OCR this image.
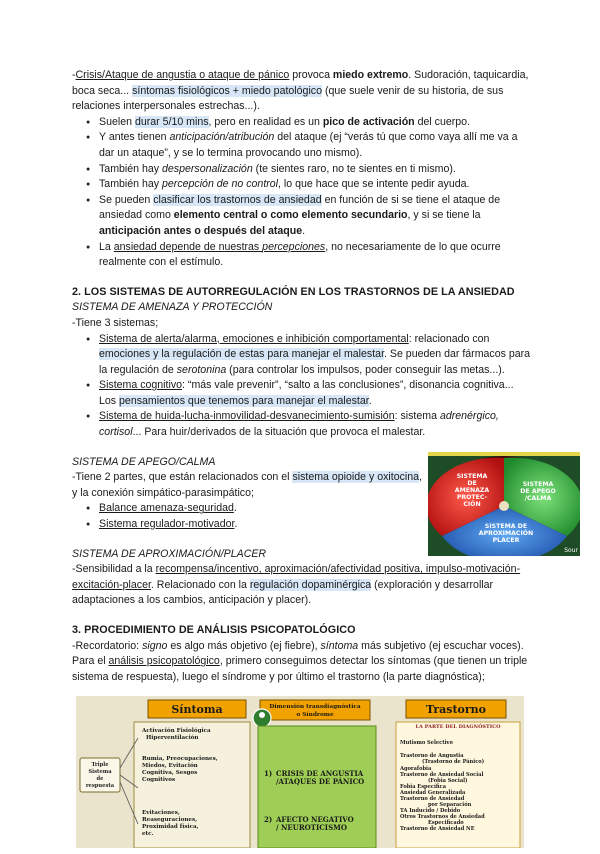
-Crisis/Ataque de angustia o ataque de pánico provoca miedo extremo. Sudoración, taquicardia, boca seca... síntomas fisiológicos + miedo patológico (que suele venir de su historia, de sus relaciones interpersonales estrechas...).

● Suelen durar 5/10 mins, pero en realidad es un pico de activación del cuerpo.
● Y antes tienen anticipación/atribución del ataque (ej “verás tú que como vaya allí me va a dar un ataque”, y se lo termina provocando uno mismo).
● También hay despersonalización (te sientes raro, no te sientes en ti mismo).
● También hay percepción de no control, lo que hace que se intente pedir ayuda.
● Se pueden clasificar los trastornos de ansiedad en función de si se tiene el ataque de ansiedad como elemento central o como elemento secundario, y si se tiene la anticipación antes o después del ataque.
● La ansiedad depende de nuestras percepciones, no necesariamente de lo que ocurre realmente con el estímulo.
2. LOS SISTEMAS DE AUTORREGULACIÓN EN LOS TRASTORNOS DE LA ANSIEDAD

SISTEMA DE AMENAZA Y PROTECCIÓN

-Tiene 3 sistemas;

● Sistema de alerta/alarma, emociones e inhibición comportamental: relacionado con emociones y la regulación de estas para manejar el malestar. Se pueden dar fármacos para la regulación de serotonina (para controlar los impulsos, poder conseguir las metas...).
● Sistema cognitivo: “más vale prevenir”, “salto a las conclusiones”, disonancia cognitiva... Los pensamientos que tenemos para manejar el malestar.
● Sistema de huida-lucha-inmovilidad-desvanecimiento-sumisión: sistema adrenérgico, cortisol... Para huir/derivados de la situación que provoca el malestar.

SISTEMA DE APEGO/CALMA

-Tiene 2 partes, que están relacionados con el sistema opioide y oxitocina, y la conexión simpático-parasimpático;

● Balance amenaza-seguridad.
● Sistema regulador-motivador.

SISTEMA DE APROXIMACIÓN/PLACER

-Sensibilidad a la recompensa/incentivo, aproximación/afectividad positiva, impulso-motivación-excitación-placer. Relacionado con la regulación dopaminérgica (exploración y desarrollar adaptaciones a los cambios, anticipación y placer).

3. PROCEDIMIENTO DE ANÁLISIS PSICOPATOLÓGICO

-Recordatorio: signo es algo más objetivo (ej fiebre), síntoma más subjetivo (ej escuchar voces). Para el análisis psicopatológico, primero conseguimos detectar los síntomas (que tienen un triple sistema de respuesta), luego el síndrome y por último el trastorno (la parte diagnóstica);

SISTEMA
DE
AMENAZA
PROTEC-
CIÓN
SISTEMA
DE APEGO
/CALMA
SISTEMA DE
APROXIMACIÓN
PLACER
Sour
Síntoma
Triple
Sistema
de
respuesta
Activación Fisiológica
Hiperventilación
Rumia, Preocupaciones,
Miedos, Evitación
Cognitiva, Sesgos
Cognitivos
Evitaciones,
Reaseguraciones,
Proximidad física,
etc.
Dimensión transdiagnóstica
o Síndrome
1) CRISIS DE ANGUSTIA
/ATAQUES DE PÁNICO
2) AFECTO NEGATIVO
/ NEUROTICISMO
Trastorno
LA PARTE DEL DIAGNÓSTICO
Mutismo Selectivo
Trastorno de Angustia
(Trastorno de Pánico)
Agorafobia
Trastorno de Ansiedad Social
(Fobia Social)
Fobia Específica
Ansiedad Generalizada
Trastorno de Ansiedad
por Separación
TA Inducido / Debido
Otros Trastornos de Ansiedad
Especificado
Trastorno de Ansiedad NE
